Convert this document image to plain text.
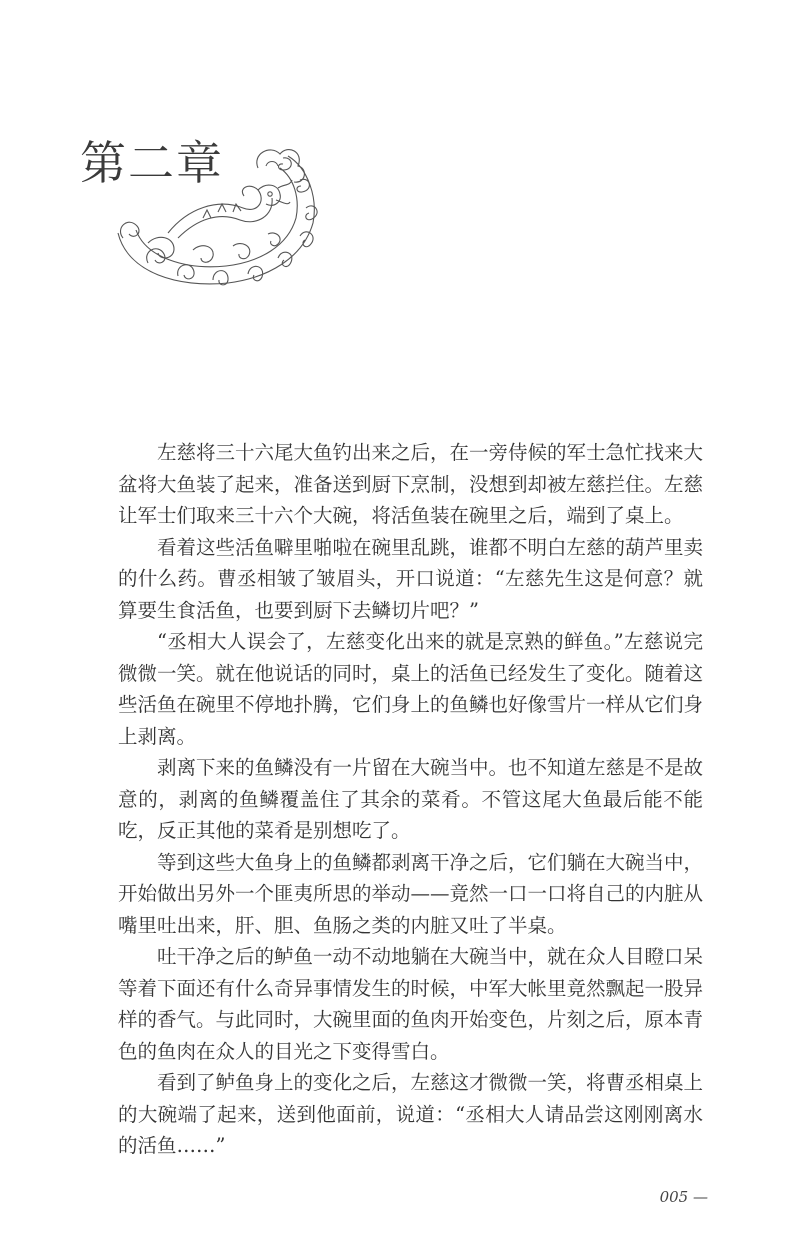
第二章

左慈将三十六尾大鱼钓出来之后，在一旁侍候的军士急忙找来大盆将大鱼装了起来，准备送到厨下烹制，没想到却被左慈拦住。左慈让军士们取来三十六个大碗，将活鱼装在碗里之后，端到了桌上。

看着这些活鱼噼里啪啦在碗里乱跳，谁都不明白左慈的葫芦里卖的什么药。曹丞相皱了皱眉头，开口说道：“左慈先生这是何意？就算要生食活鱼，也要到厨下去鳞切片吧？”

“丞相大人误会了，左慈变化出来的就是烹熟的鲜鱼。”左慈说完微微一笑。就在他说话的同时，桌上的活鱼已经发生了变化。随着这些活鱼在碗里不停地扑腾，它们身上的鱼鳞也好像雪片一样从它们身上剥离。

剥离下来的鱼鳞没有一片留在大碗当中。也不知道左慈是不是故意的，剥离的鱼鳞覆盖住了其余的菜肴。不管这尾大鱼最后能不能吃，反正其他的菜肴是别想吃了。

等到这些大鱼身上的鱼鳞都剥离干净之后，它们躺在大碗当中，开始做出另外一个匪夷所思的举动——竟然一口一口将自己的内脏从嘴里吐出来，肝、胆、鱼肠之类的内脏又吐了半桌。

吐干净之后的鲈鱼一动不动地躺在大碗当中，就在众人目瞪口呆等着下面还有什么奇异事情发生的时候，中军大帐里竟然飘起一股异样的香气。与此同时，大碗里面的鱼肉开始变色，片刻之后，原本青色的鱼肉在众人的目光之下变得雪白。

看到了鲈鱼身上的变化之后，左慈这才微微一笑，将曹丞相桌上的大碗端了起来，送到他面前，说道：“丞相大人请品尝这刚刚离水的活鱼……”

005 —
